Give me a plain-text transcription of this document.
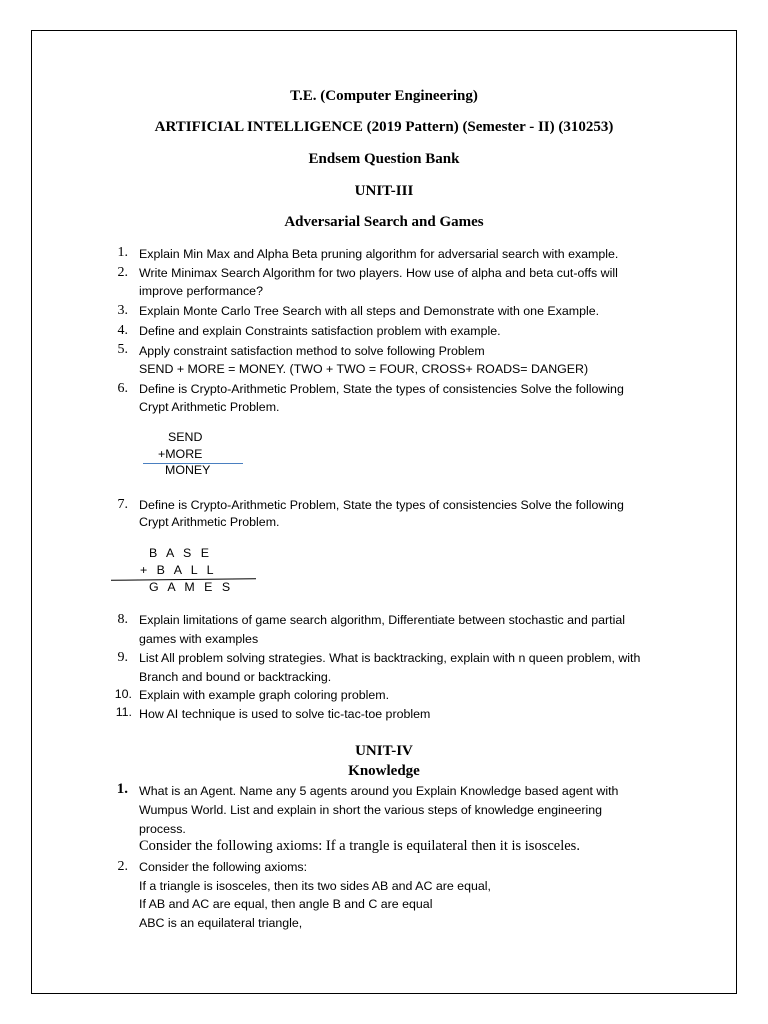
T.E. (Computer Engineering)
ARTIFICIAL INTELLIGENCE (2019 Pattern) (Semester - II) (310253)
Endsem Question Bank
UNIT-III
Adversarial Search and Games
1. Explain Min Max and Alpha Beta pruning algorithm for adversarial search with example.
2. Write Minimax Search Algorithm for two players. How use of alpha and beta cut-offs will
improve performance?
3. Explain Monte Carlo Tree Search with all steps and Demonstrate with one Example.
4. Define and explain Constraints satisfaction problem with example.
5. Apply constraint satisfaction method to solve following Problem
SEND + MORE = MONEY. (TWO + TWO = FOUR, CROSS+ ROADS= DANGER)
6. Define is Crypto-Arithmetic Problem, State the types of consistencies Solve the following
Crypt Arithmetic Problem.
SEND
+MORE
MONEY
7. Define is Crypto-Arithmetic Problem, State the types of consistencies Solve the following
Crypt Arithmetic Problem.
B A S E
+ B A L L
G A M E S
8. Explain limitations of game search algorithm, Differentiate between stochastic and partial
games with examples
9. List All problem solving strategies. What is backtracking, explain with n queen problem, with
Branch and bound or backtracking.
10. Explain with example graph coloring problem.
11. How AI technique is used to solve tic-tac-toe problem
UNIT-IV
Knowledge
1. What is an Agent. Name any 5 agents around you Explain Knowledge based agent with
Wumpus World. List and explain in short the various steps of knowledge engineering
process.
Consider the following axioms: If a trangle is equilateral then it is isosceles.
2. Consider the following axioms:
If a triangle is isosceles, then its two sides AB and AC are equal,
If AB and AC are equal, then angle B and C are equal
ABC is an equilateral triangle,
